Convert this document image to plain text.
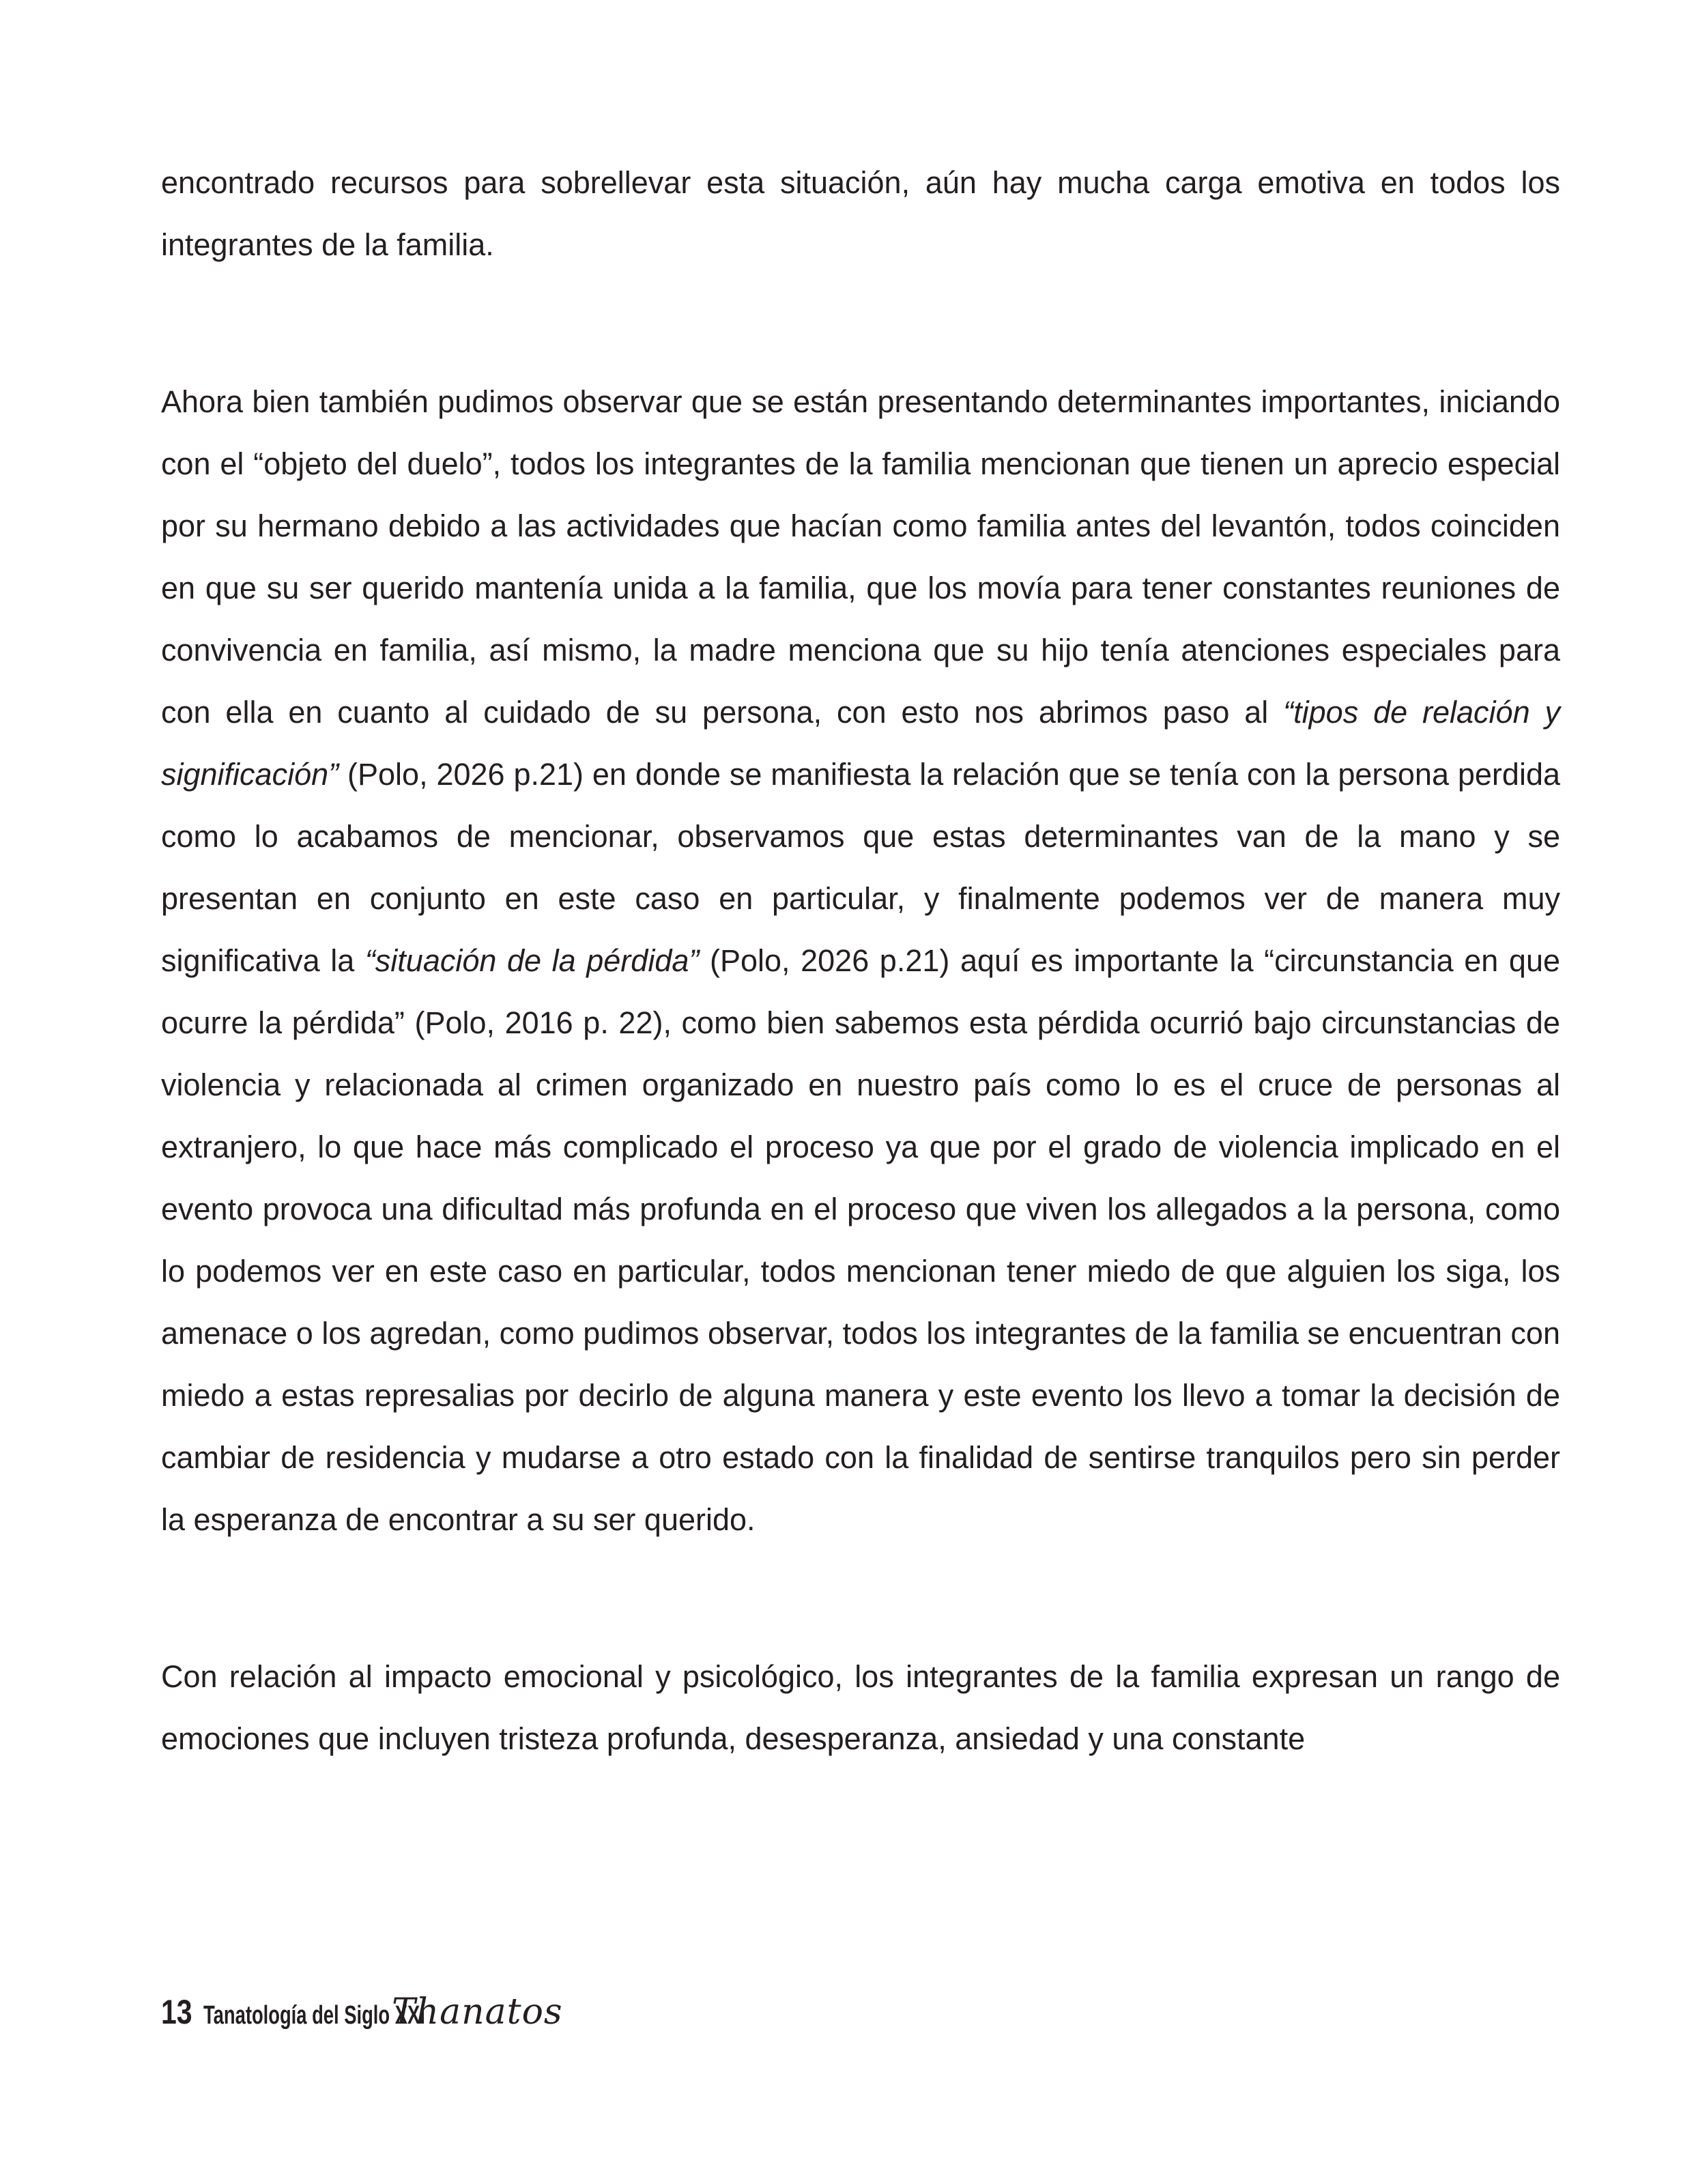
encontrado recursos para sobrellevar esta situación, aún hay mucha carga emotiva en todos los integrantes de la familia.

Ahora bien también pudimos observar que se están presentando determinantes importantes, iniciando con el “objeto del duelo”, todos los integrantes de la familia mencionan que tienen un aprecio especial por su hermano debido a las actividades que hacían como familia antes del levantón, todos coinciden en que su ser querido mantenía unida a la familia, que los movía para tener constantes reuniones de convivencia en familia, así mismo, la madre menciona que su hijo tenía atenciones especiales para con ella en cuanto al cuidado de su persona, con esto nos abrimos paso al “tipos de relación y significación” (Polo, 2026 p.21) en donde se manifiesta la relación que se tenía con la persona perdida como lo acabamos de mencionar, observamos que estas determinantes van de la mano y se presentan en conjunto en este caso en particular, y finalmente podemos ver de manera muy significativa la “situación de la pérdida” (Polo, 2026 p.21) aquí es importante la “circunstancia en que ocurre la pérdida” (Polo, 2016 p. 22), como bien sabemos esta pérdida ocurrió bajo circunstancias de violencia y relacionada al crimen organizado en nuestro país como lo es el cruce de personas al extranjero, lo que hace más complicado el proceso ya que por el grado de violencia implicado en el evento provoca una dificultad más profunda en el proceso que viven los allegados a la persona, como lo podemos ver en este caso en particular, todos mencionan tener miedo de que alguien los siga, los amenace o los agredan, como pudimos observar, todos los integrantes de la familia se encuentran con miedo a estas represalias por decirlo de alguna manera y este evento los llevo a tomar la decisión de cambiar de residencia y mudarse a otro estado con la finalidad de sentirse tranquilos pero sin perder la esperanza de encontrar a su ser querido.

Con relación al impacto emocional y psicológico, los integrantes de la familia expresan un rango de emociones que incluyen tristeza profunda, desesperanza, ansiedad y una constante

13 Tanatología del Siglo XXI
Thanatos
